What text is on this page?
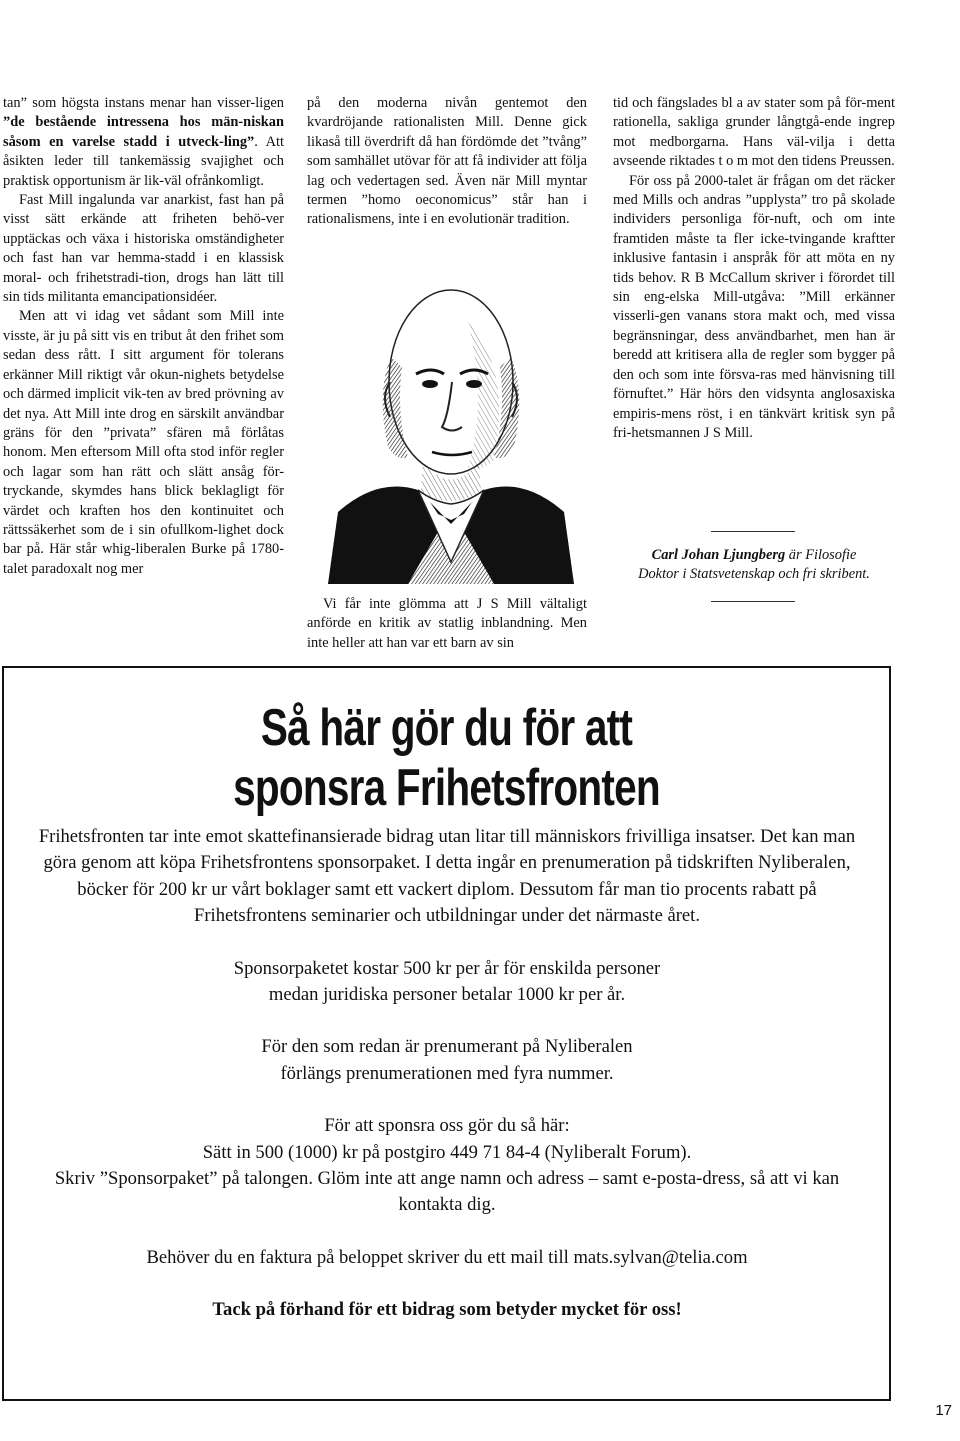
tan” som högsta instans menar han visser-ligen ”de bestående intressena hos män-niskan såsom en varelse stadd i utveck-ling”. Att åsikten leder till tankemässig svajighet och praktisk opportunism är lik-väl ofrånkomligt.

Fast Mill ingalunda var anarkist, fast han på visst sätt erkände att friheten behö-ver upptäckas och växa i historiska omständigheter och fast han var hemma-stadd i en klassisk moral- och frihetstradi-tion, drogs han lätt till sin tids militanta emancipationsidéer.

Men att vi idag vet sådant som Mill inte visste, är ju på sitt vis en tribut åt den frihet som sedan dess rått. I sitt argument för tolerans erkänner Mill riktigt vår okun-nighets betydelse och därmed implicit vik-ten av bred prövning av det nya. Att Mill inte drog en särskilt användbar gräns för den ”privata” sfären må förlåtas honom. Men eftersom Mill ofta stod inför regler och lagar som han rätt och slätt ansåg för-tryckande, skymdes hans blick beklagligt för värdet och kraften hos den kontinuitet och rättssäkerhet som de i sin ofullkom-lighet dock bar på. Här står whig-liberalen Burke på 1780-talet paradoxalt nog mer

på den moderna nivån gentemot den kvardröjande rationalisten Mill. Denne gick likaså till överdrift då han fördömde det ”tvång” som samhället utövar för att få individer att följa lag och vedertagen sed. Även när Mill myntar termen ”homo oeconomicus” står han i rationalismens, inte i en evolutionär tradition.

Vi får inte glömma att J S Mill vältaligt anförde en kritik av statlig inblandning. Men inte heller att han var ett barn av sin

tid och fängslades bl a av stater som på för-ment rationella, sakliga grunder långtgå-ende ingrep mot medborgarna. Hans väl-vilja i detta avseende riktades t o m mot den tidens Preussen.

För oss på 2000-talet är frågan om det räcker med Mills och andras ”upplysta” tro på skolade individers personliga för-nuft, och om inte framtiden måste ta fler icke-tvingande kraftter inklusive fantasin i anspråk för att möta en ny tids behov. R B McCallum skriver i förordet till sin eng-elska Mill-utgåva: ”Mill erkänner visserli-gen vanans stora makt och, med vissa begränsningar, dess användbarhet, men han är beredd att kritisera alla de regler som bygger på den och som inte försva-ras med hänvisning till förnuftet.” Här hörs den vidsynta anglosaxiska empiris-mens röst, i en tänkvärt kritisk syn på fri-hetsmannen J S Mill.

Carl Johan Ljungberg är Filosofie
Doktor i Statsvetenskap och fri skribent.
Så här gör du för att
sponsra Frihetsfronten

Frihetsfronten tar inte emot skattefinansierade bidrag utan litar till människors frivilliga insatser. Det kan man göra genom att köpa Frihetsfrontens sponsorpaket. I detta ingår en prenumeration på tidskriften Nyliberalen, böcker för 200 kr ur vårt boklager samt ett vackert diplom. Dessutom får man tio procents rabatt på Frihetsfrontens seminarier och utbildningar under det närmaste året.

Sponsorpaketet kostar 500 kr per år för enskilda personer
medan juridiska personer betalar 1000 kr per år.

För den som redan är prenumerant på Nyliberalen
förlängs prenumerationen med fyra nummer.

För att sponsra oss gör du så här:
Sätt in 500 (1000) kr på postgiro 449 71 84-4 (Nyliberalt Forum).
Skriv ”Sponsorpaket” på talongen. Glöm inte att ange namn och adress – samt e-posta-dress, så att vi kan kontakta dig.

Behöver du en faktura på beloppet skriver du ett mail till mats.sylvan@telia.com

Tack på förhand för ett bidrag som betyder mycket för oss!

17
